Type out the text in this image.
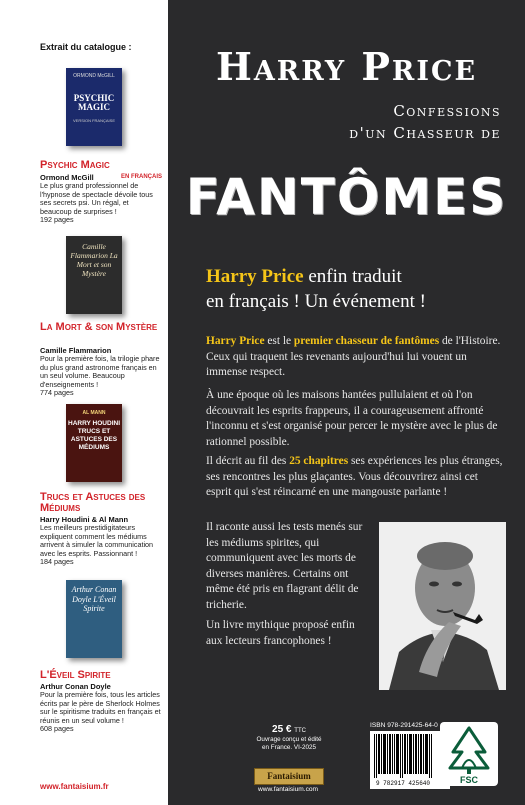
Extrait du catalogue :
ORMOND McGILL
PSYCHIC MAGIC
VERSION FRANÇAISE
Psychic Magic
Ormond McGill	EN FRANÇAIS
Le plus grand professionnel de l'hypnose de spectacle dévoile tous ses secrets psi. Un régal, et beaucoup de surprises !
192 pages
Camille Flammarion La Mort et son Mystère
La Mort & son Mystère
Camille Flammarion
Pour la première fois, la trilogie phare du plus grand astronome français en un seul volume. Beaucoup d'enseignements !
774 pages
AL MANN
HARRY HOUDINI TRUCS ET ASTUCES DES MÉDIUMS
Trucs et Astuces des Médiums
Harry Houdini & Al Mann
Les meilleurs prestidigitateurs expliquent comment les médiums arrivent à simuler la communication avec les esprits. Passionnant !
184 pages
Arthur Conan Doyle L'Éveil Spirite
L'Éveil Spirite
Arthur Conan Doyle
Pour la première fois, tous les articles écrits par le père de Sherlock Holmes sur le spiritisme traduits en français et réunis en un seul volume !
608 pages
www.fantaisium.fr
Harry Price
Confessions
d'un Chasseur de
FANTÔMES
Harry Price enfin traduit
en français ! Un événement !

Harry Price est le premier chasseur de fantômes de l'Histoire. Ceux qui traquent les revenants aujourd'hui lui vouent un immense respect.

À une époque où les maisons hantées pullulaient et où l'on découvrait les esprits frappeurs, il a courageusement affronté l'inconnu et s'est organisé pour percer le mystère avec le plus de rationnel possible.

Il décrit au fil des 25 chapitres ses expériences les plus étranges, ses rencontres les plus glaçantes. Vous découvrirez ainsi cet esprit qui s'est réincarné en une mangouste parlante !

Il raconte aussi les tests menés sur les médiums spirites, qui communiquent avec les morts de diverses manières. Certains ont même été pris en flagrant délit de tricherie.

Un livre mythique proposé enfin aux lecteurs francophones !

25 € TTC
Ouvrage conçu et édité en France. VI-2025
Fantaisium
www.fantaisium.com
ISBN 978-291425-64-0
9 782917 425640	FSC
